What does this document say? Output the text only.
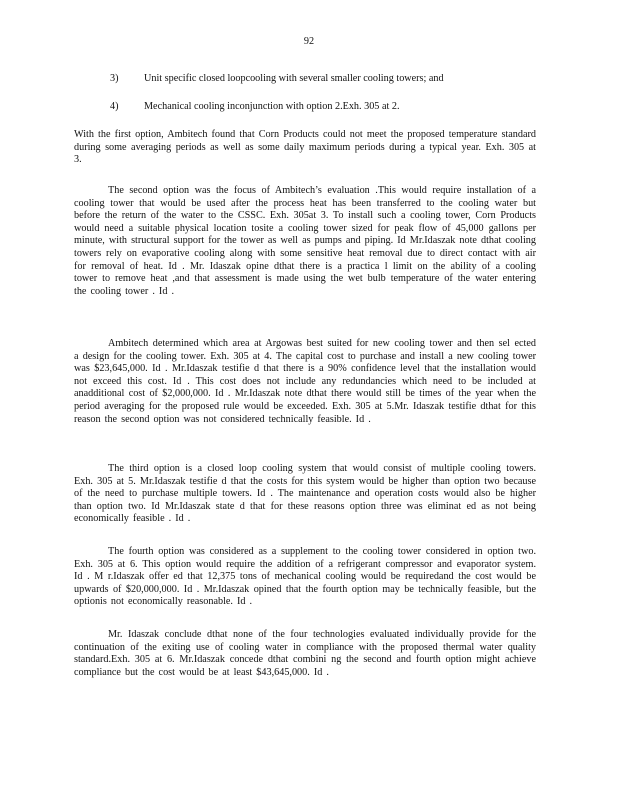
92
3)	Unit specific closed loopcooling with several smaller cooling towers; and
4)	Mechanical cooling inconjunction with option 2.Exh. 305 at 2.
With the first option, Ambitech found that Corn Products could not meet the proposed temperature standard during some averaging periods as well as some daily maximum periods during a typical year. Exh. 305 at 3.
The second option was the focus of Ambitech’s evaluation .This would require installation of a cooling tower that would be used after the process heat has been transferred to the cooling water but before the return of the water to the CSSC. Exh. 305at 3. To install such a cooling tower, Corn Products would need a suitable physical location tosite a cooling tower sized for peak flow of 45,000 gallons per minute, with structural support for the tower as well as pumps and piping. Id Mr.Idaszak note dthat cooling towers rely on evaporative cooling along with some sensitive heat removal due to direct contact with air for removal of heat. Id . Mr. Idaszak opine dthat there is a practica l limit on the ability of a cooling tower to remove heat ,and that assessment is made using the wet bulb temperature of the water entering the cooling tower . Id .
Ambitech determined which area at Argowas best suited for new cooling tower and then sel ected a design for the cooling tower. Exh. 305 at 4. The capital cost to purchase and install a new cooling tower was $23,645,000. Id . Mr.Idaszak testifie d that there is a 90% confidence level that the installation would not exceed this cost. Id . This cost does not include any redundancies which need to be included at anadditional cost of $2,000,000. Id . Mr.Idaszak note dthat there would still be times of the year when the period averaging for the proposed rule would be exceeded. Exh. 305 at 5.Mr. Idaszak testifie dthat for this reason the second option was not considered technically feasible. Id .
The third option is a closed loop cooling system that would consist of multiple cooling towers. Exh. 305 at 5. Mr.Idaszak testifie d that the costs for this system would be higher than option two because of the need to purchase multiple towers. Id . The maintenance and operation costs would also be higher than option two. Id Mr.Idaszak state d that for these reasons option three was eliminat ed as not being economically feasible . Id .
The fourth option was considered as a supplement to the cooling tower considered in option two. Exh. 305 at 6. This option would require the addition of a refrigerant compressor and evaporator system. Id . M r.Idaszak offer ed that 12,375 tons of mechanical cooling would be requiredand the cost would be upwards of $20,000,000. Id . Mr.Idaszak opined that the fourth option may be technically feasible, but the optionis not economically reasonable. Id .
Mr. Idaszak conclude dthat none of the four technologies evaluated individually provide for the continuation of the exiting use of cooling water in compliance with the proposed thermal water quality standard.Exh. 305 at 6. Mr.Idaszak concede dthat combini ng the second and fourth option might achieve compliance but the cost would be at least $43,645,000. Id .
